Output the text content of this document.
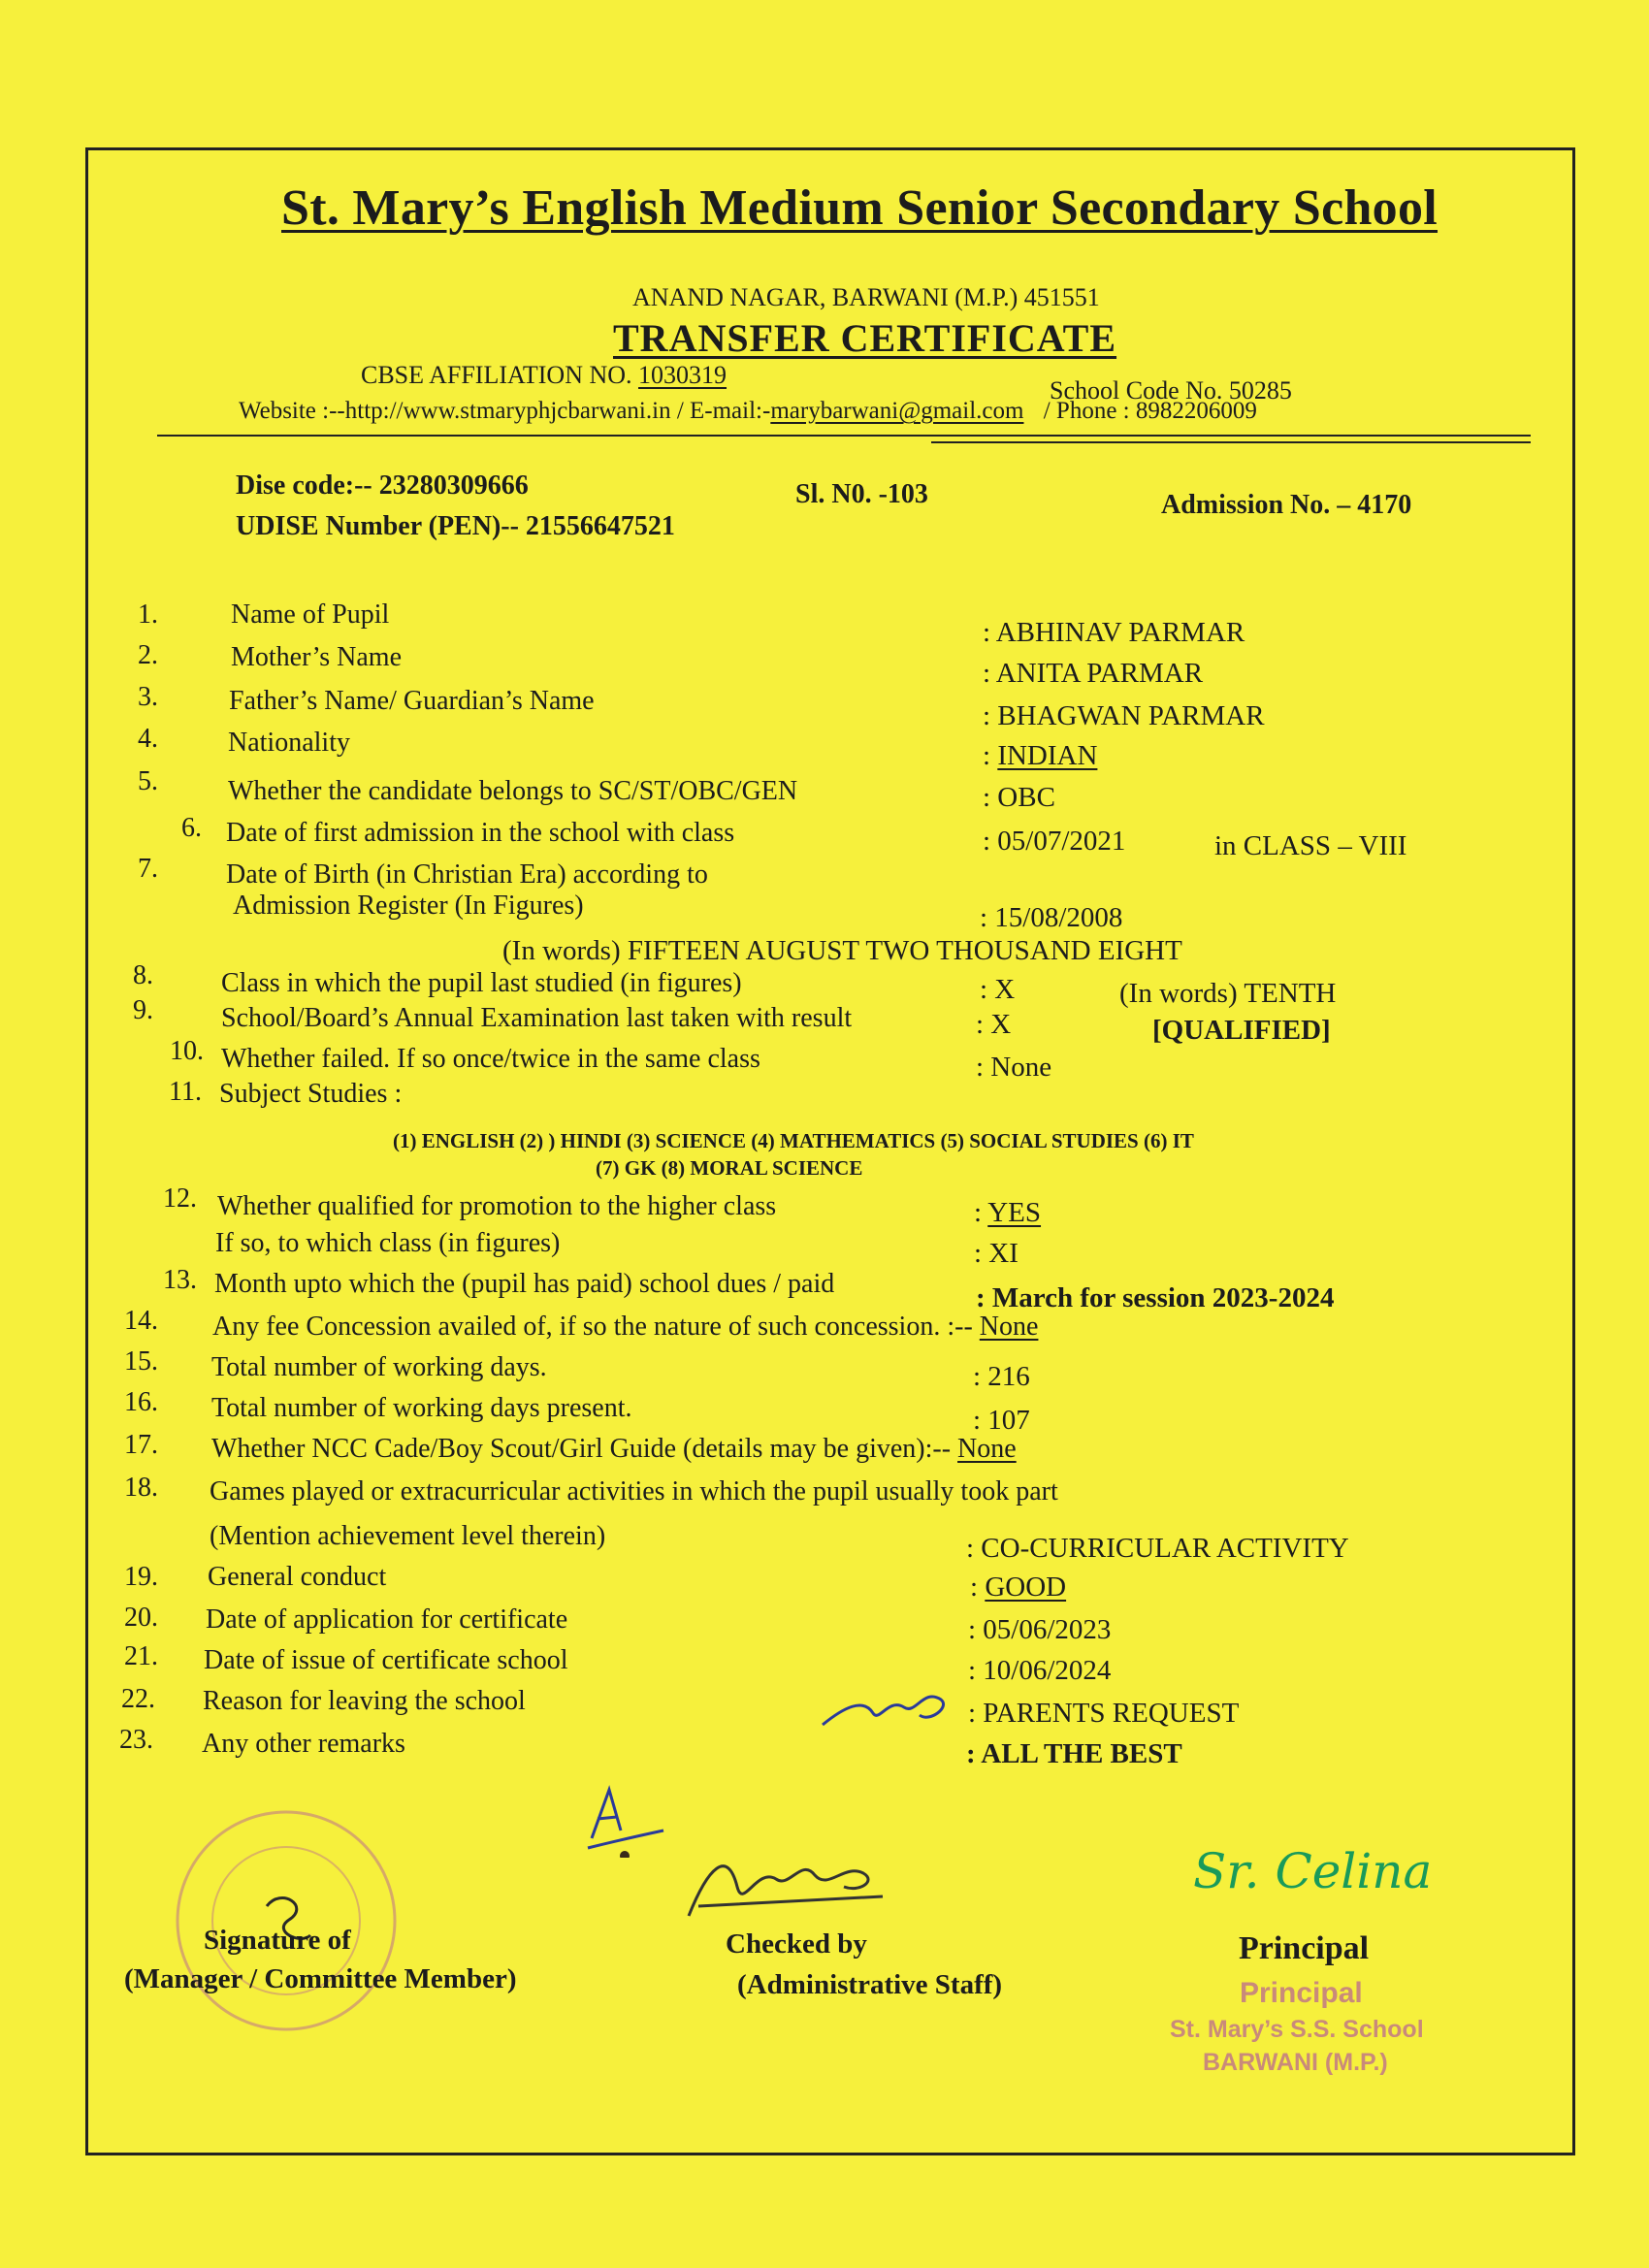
St. Mary’s English Medium Senior Secondary School
ANAND NAGAR, BARWANI (M.P.) 451551
TRANSFER CERTIFICATE
CBSE AFFILIATION NO. 1030319
School Code No. 50285
Website :--http://www.stmaryphjcbarwani.in / E-mail:-marybarwani@gmail.com / Phone : 8982206009
Dise code:-- 23280309666
UDISE Number (PEN)-- 21556647521
Sl. N0. -103	Admission No. – 4170
1.	Name of Pupil
: ABHINAV PARMAR
2.	Mother’s Name
: ANITA PARMAR
3.	Father’s Name/ Guardian’s Name	: BHAGWAN PARMAR
4.	Nationality	: INDIAN
5.	Whether the candidate belongs to SC/ST/OBC/GEN	: OBC
6. Date of first admission in the school with class	: 05/07/2021	in CLASS – VIII
7.	Date of Birth (in Christian Era) according to
Admission Register (In Figures)	: 15/08/2008
(In words) FIFTEEN AUGUST TWO THOUSAND EIGHT
8.	Class in which the pupil last studied (in figures)	: X	(In words) TENTH
9.	School/Board’s Annual Examination last taken with result	: X	[QUALIFIED]
10. Whether failed. If so once/twice in the same class	: None
11. Subject Studies :
(1) ENGLISH (2) ) HINDI (3) SCIENCE (4) MATHEMATICS (5) SOCIAL STUDIES (6) IT
(7) GK (8) MORAL SCIENCE
12. Whether qualified for promotion to the higher class
If so, to which class (in figures)
: YES
: XI
13. Month upto which the (pupil has paid) school dues / paid	: March for session 2023-2024
14. Any fee Concession availed of, if so the nature of such concession. :-- None
15. Total number of working days.	: 216
16. Total number of working days present.	: 107
17. Whether NCC Cade/Boy Scout/Girl Guide (details may be given):-- None
18. Games played or extracurricular activities in which the pupil usually took part
(Mention achievement level therein)	: CO-CURRICULAR ACTIVITY
19. General conduct	: GOOD
20. Date of application for certificate	: 05/06/2023
21. Date of issue of certificate school	: 10/06/2024
22. Reason for leaving the school	: PARENTS REQUEST
23. Any other remarks	: ALL THE BEST
Signature of
(Manager / Committee Member)
Checked by
(Administrative Staff)
Sr. Celina
Principal
Principal
St. Mary’s S.S. School
BARWANI (M.P.)
